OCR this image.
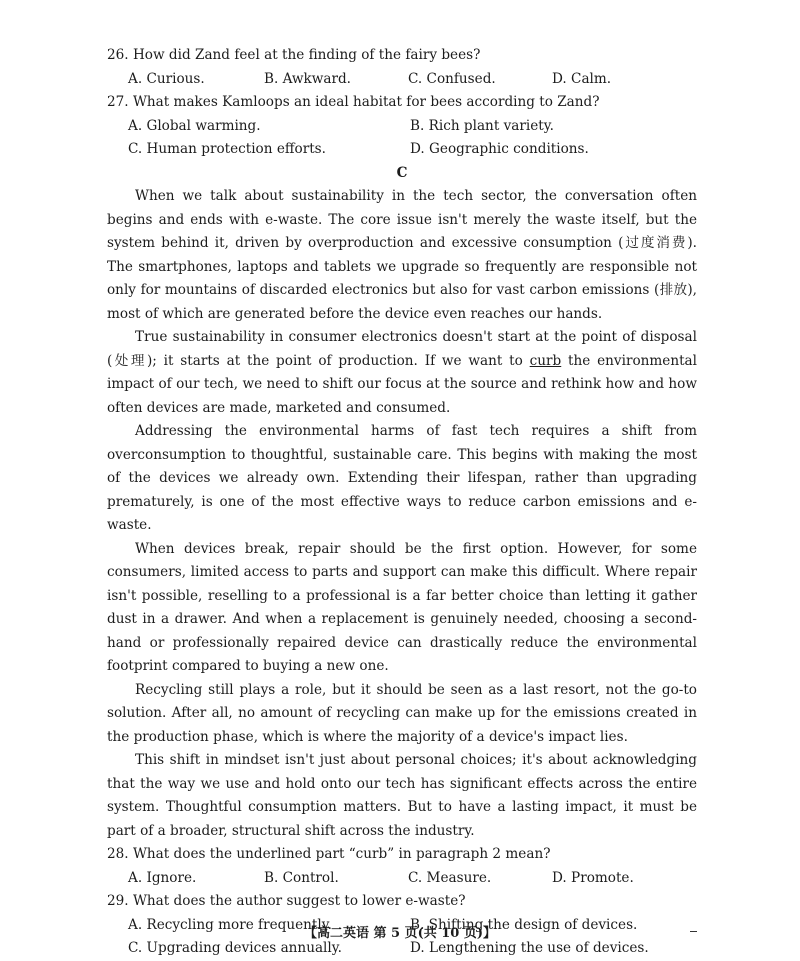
26. How did Zand feel at the finding of the fairy bees?

A. Curious.	B. Awkward.	C. Confused.	D. Calm.

27. What makes Kamloops an ideal habitat for bees according to Zand?

A. Global warming.	B. Rich plant variety.
C. Human protection efforts.	D. Geographic conditions.

C

When we talk about sustainability in the tech sector, the conversation often begins and ends with e-waste. The core issue isn't merely the waste itself, but the system behind it, driven by overproduction and excessive consumption (过度消费). The smartphones, laptops and tablets we upgrade so frequently are responsible not only for mountains of discarded electronics but also for vast carbon emissions (排放), most of which are generated before the device even reaches our hands.

True sustainability in consumer electronics doesn't start at the point of disposal (处理); it starts at the point of production. If we want to curb the environmental impact of our tech, we need to shift our focus at the source and rethink how and how often devices are made, marketed and consumed.

Addressing the environmental harms of fast tech requires a shift from overconsumption to thoughtful, sustainable care. This begins with making the most of the devices we already own. Extending their lifespan, rather than upgrading prematurely, is one of the most effective ways to reduce carbon emissions and e-waste.

When devices break, repair should be the first option. However, for some consumers, limited access to parts and support can make this difficult. Where repair isn't possible, reselling to a professional is a far better choice than letting it gather dust in a drawer. And when a replacement is genuinely needed, choosing a second-hand or professionally repaired device can drastically reduce the environmental footprint compared to buying a new one.

Recycling still plays a role, but it should be seen as a last resort, not the go-to solution. After all, no amount of recycling can make up for the emissions created in the production phase, which is where the majority of a device's impact lies.

This shift in mindset isn't just about personal choices; it's about acknowledging that the way we use and hold onto our tech has significant effects across the entire system. Thoughtful consumption matters. But to have a lasting impact, it must be part of a broader, structural shift across the industry.

28. What does the underlined part “curb” in paragraph 2 mean?

A. Ignore.	B. Control.	C. Measure.	D. Promote.

29. What does the author suggest to lower e-waste?

A. Recycling more frequently.	B. Shifting the design of devices.
C. Upgrading devices annually.	D. Lengthening the use of devices.
【高二英语 第 5 页(共 10 页)】
